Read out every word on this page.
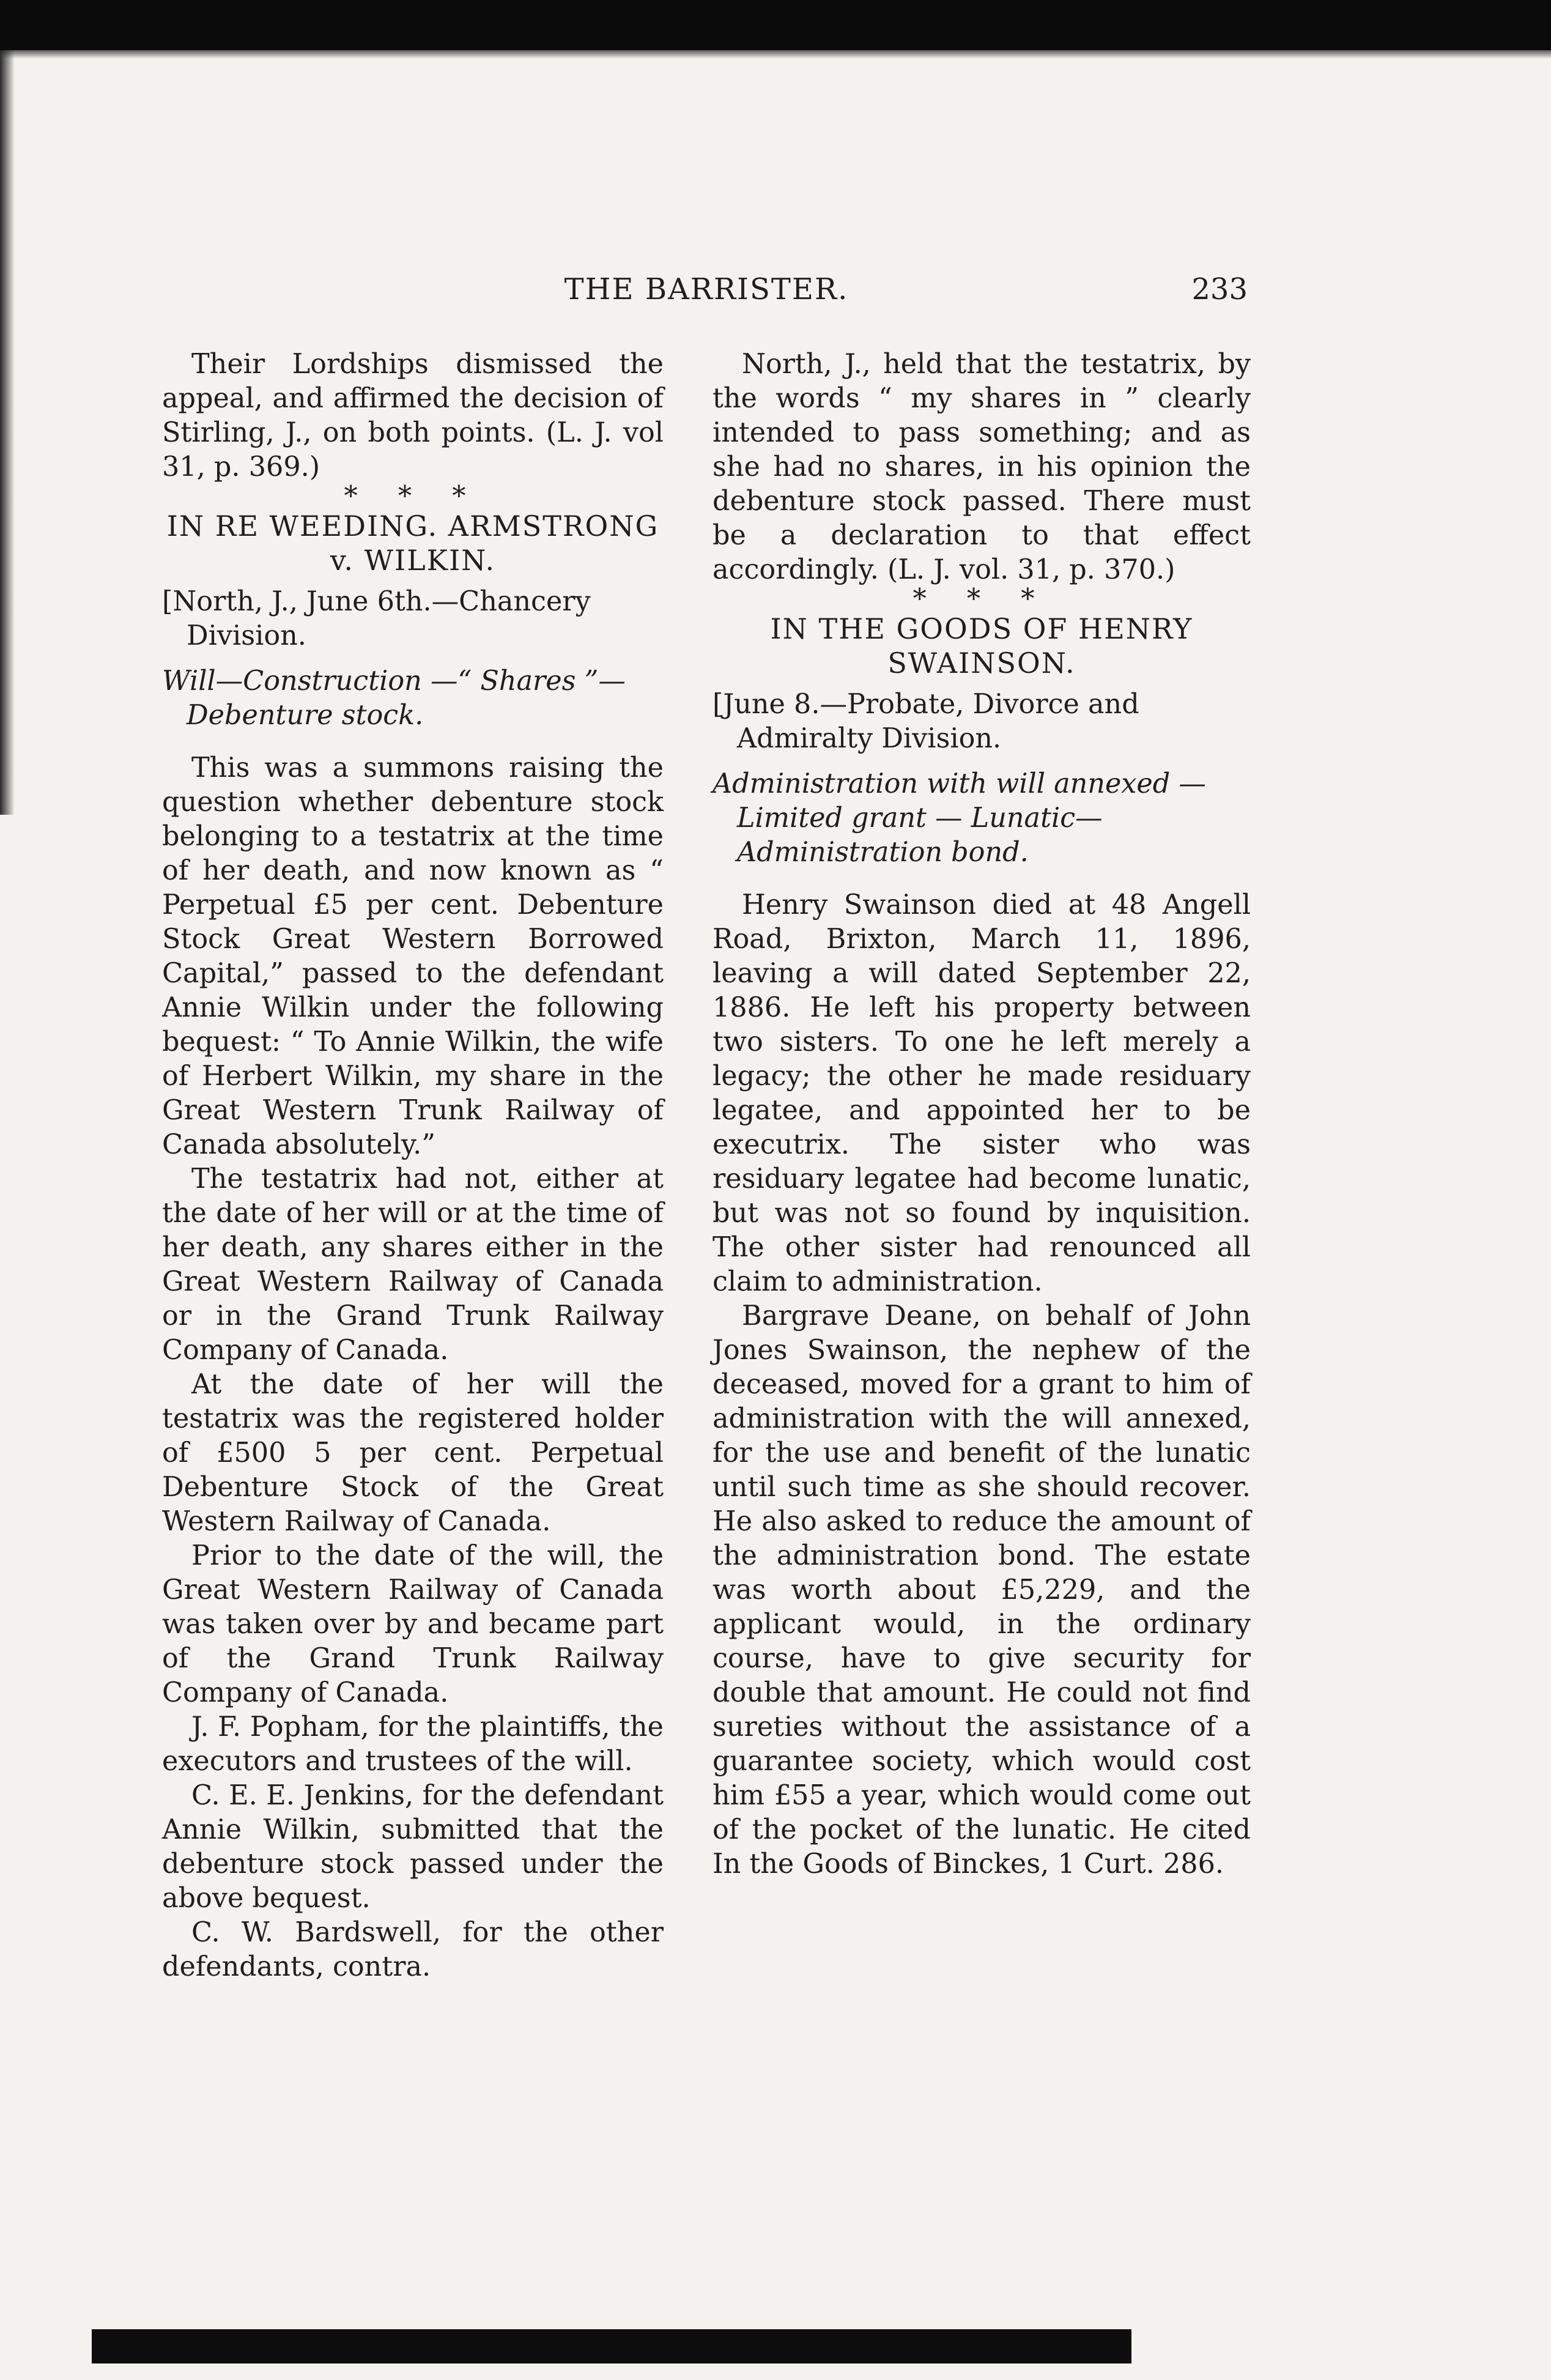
THE BARRISTER.	233

Their Lordships dismissed the appeal, and affirmed the decision of Stirling, J., on both points. (L. J. vol 31, p. 369.)

* * *

IN RE WEEDING. ARMSTRONG v. WILKIN.

[North, J., June 6th.—Chancery Division.

Will—Construction —“ Shares ”— Debenture stock.

This was a summons raising the question whether debenture stock belonging to a testatrix at the time of her death, and now known as “ Perpetual £5 per cent. Debenture Stock Great Western Borrowed Capital,” passed to the defendant Annie Wilkin under the following bequest: “ To Annie Wilkin, the wife of Herbert Wilkin, my share in the Great Western Trunk Railway of Canada absolutely.”

The testatrix had not, either at the date of her will or at the time of her death, any shares either in the Great Western Railway of Canada or in the Grand Trunk Railway Company of Canada.

At the date of her will the testatrix was the registered holder of £500 5 per cent. Perpetual Debenture Stock of the Great Western Railway of Canada.

Prior to the date of the will, the Great Western Railway of Canada was taken over by and became part of the Grand Trunk Railway Company of Canada.

J. F. Popham, for the plaintiffs, the executors and trustees of the will.

C. E. E. Jenkins, for the defendant Annie Wilkin, submitted that the debenture stock passed under the above bequest.

C. W. Bardswell, for the other defendants, contra.

North, J., held that the testatrix, by the words “ my shares in ” clearly intended to pass something; and as she had no shares, in his opinion the debenture stock passed. There must be a declaration to that effect accordingly. (L. J. vol. 31, p. 370.)

* * *

IN THE GOODS OF HENRY SWAINSON.

[June 8.—Probate, Divorce and Admiralty Division.

Administration with will annexed — Limited grant — Lunatic— Administration bond.

Henry Swainson died at 48 Angell Road, Brixton, March 11, 1896, leaving a will dated September 22, 1886. He left his property between two sisters. To one he left merely a legacy; the other he made residuary legatee, and appointed her to be executrix. The sister who was residuary legatee had become lunatic, but was not so found by inquisition. The other sister had renounced all claim to administration.

Bargrave Deane, on behalf of John Jones Swainson, the nephew of the deceased, moved for a grant to him of administration with the will annexed, for the use and benefit of the lunatic until such time as she should recover. He also asked to reduce the amount of the administration bond. The estate was worth about £5,229, and the applicant would, in the ordinary course, have to give security for double that amount. He could not find sureties without the assistance of a guarantee society, which would cost him £55 a year, which would come out of the pocket of the lunatic. He cited In the Goods of Binckes, 1 Curt. 286.
